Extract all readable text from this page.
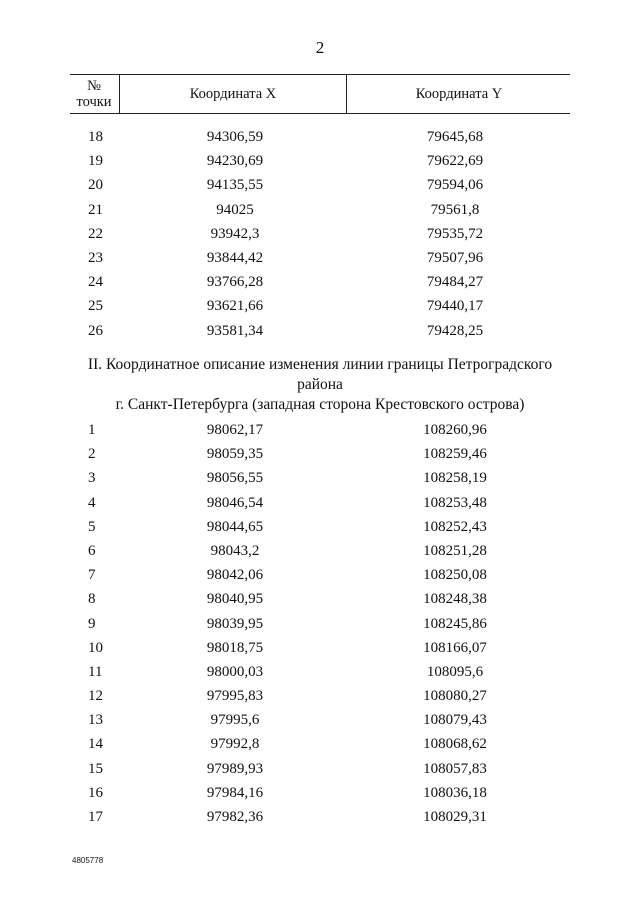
2
№
точки	Координата X	Координата Y
18	94306,59	79645,68
19	94230,69	79622,69
20	94135,55	79594,06
21	94025	79561,8
22	93942,3	79535,72
23	93844,42	79507,96
24	93766,28	79484,27
25	93621,66	79440,17
26	93581,34	79428,25
II. Координатное описание изменения линии границы Петроградского района
г. Санкт-Петербурга (западная сторона Крестовского острова)
1	98062,17	108260,96
2	98059,35	108259,46
3	98056,55	108258,19
4	98046,54	108253,48
5	98044,65	108252,43
6	98043,2	108251,28
7	98042,06	108250,08
8	98040,95	108248,38
9	98039,95	108245,86
10	98018,75	108166,07
11	98000,03	108095,6
12	97995,83	108080,27
13	97995,6	108079,43
14	97992,8	108068,62
15	97989,93	108057,83
16	97984,16	108036,18
17	97982,36	108029,31
4805778
